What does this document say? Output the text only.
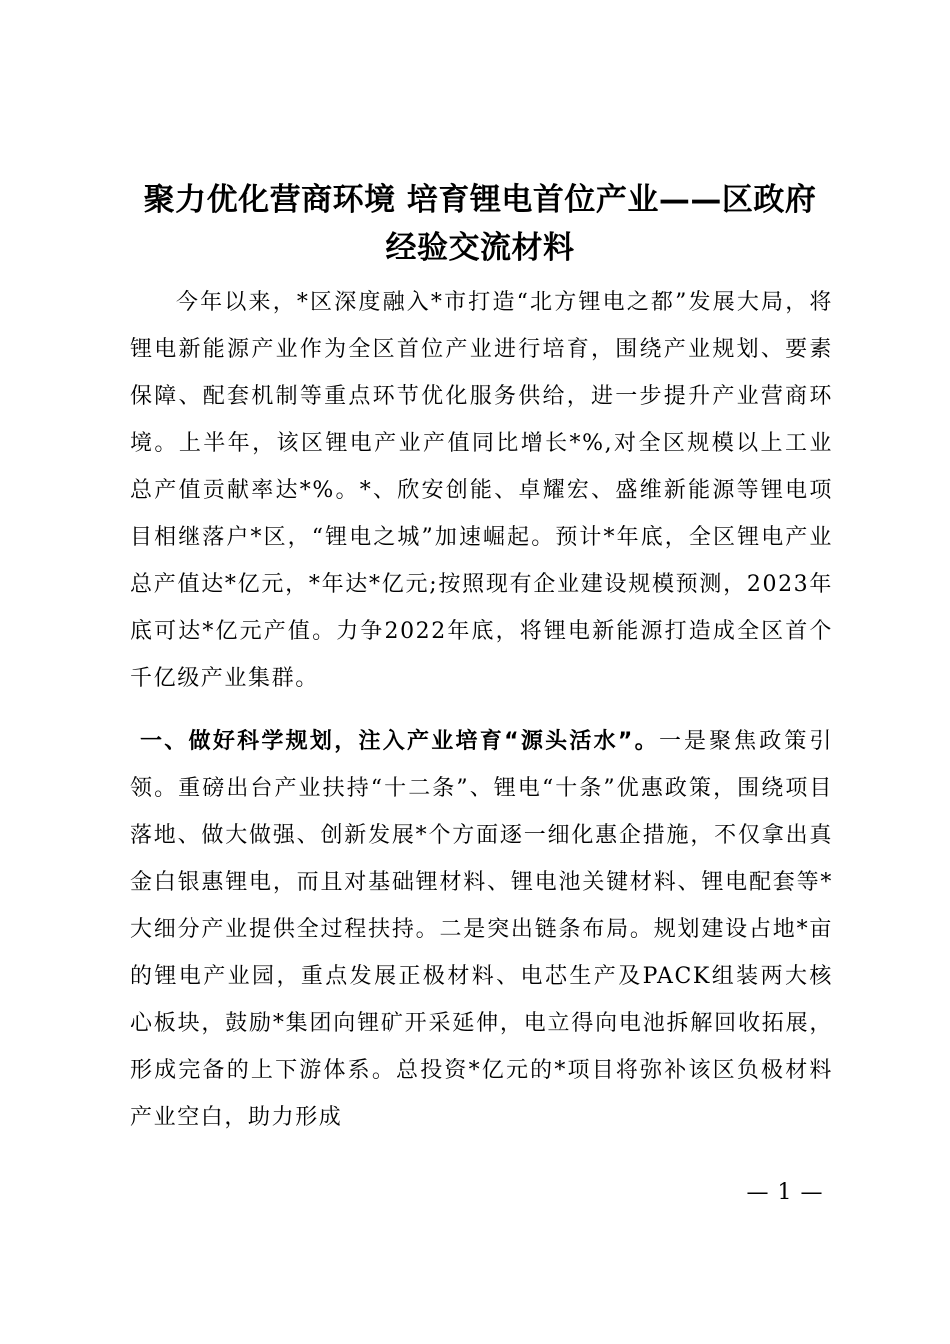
聚力优化营商环境 培育锂电首位产业——区政府经验交流材料

今年以来，*区深度融入*市打造“北方锂电之都”发展大局，将锂电新能源产业作为全区首位产业进行培育，围绕产业规划、要素保障、配套机制等重点环节优化服务供给，进一步提升产业营商环境。上半年，该区锂电产业产值同比增长*%,对全区规模以上工业总产值贡献率达*%。*、欣安创能、卓耀宏、盛维新能源等锂电项目相继落户*区，“锂电之城”加速崛起。预计*年底，全区锂电产业总产值达*亿元，*年达*亿元;按照现有企业建设规模预测，2023年底可达*亿元产值。力争2022年底，将锂电新能源打造成全区首个千亿级产业集群。

一、做好科学规划，注入产业培育“源头活水”。一是聚焦政策引领。重磅出台产业扶持“十二条”、锂电“十条”优惠政策，围绕项目落地、做大做强、创新发展*个方面逐一细化惠企措施，不仅拿出真金白银惠锂电，而且对基础锂材料、锂电池关键材料、锂电配套等*大细分产业提供全过程扶持。二是突出链条布局。规划建设占地*亩的锂电产业园，重点发展正极材料、电芯生产及PACK组装两大核心板块，鼓励*集团向锂矿开采延伸，电立得向电池拆解回收拓展，形成完备的上下游体系。总投资*亿元的*项目将弥补该区负极材料产业空白，助力形成

— 1 —
